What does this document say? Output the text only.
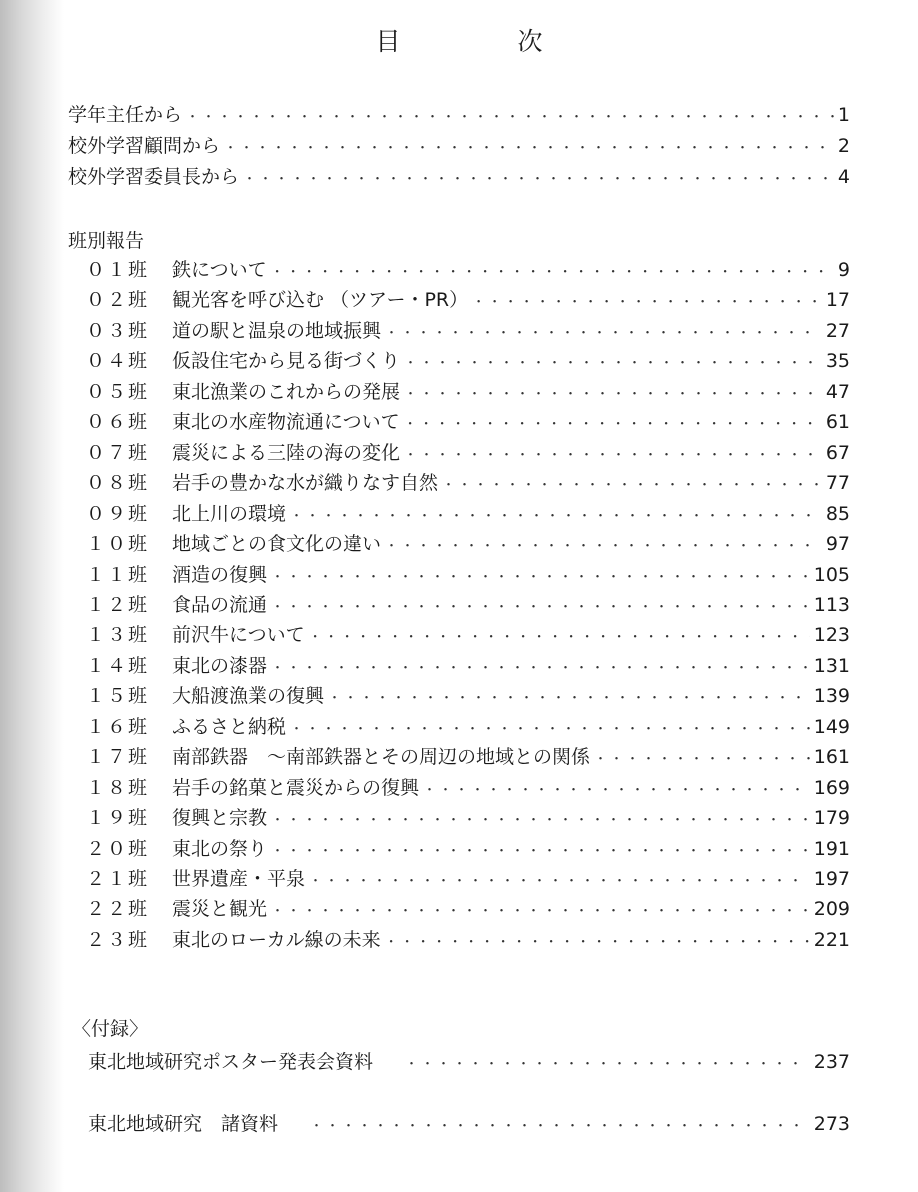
目　次
学年主任から ・・・・・・・・・・・・・・・・・・・・・・・・・・・・・・・・・・・・・・・・・・・・・・・・・・・・・・・・・・・・・・・・・・・・・・・・・・・・・・	1
校外学習顧問から ・・・・・・・・・・・・・・・・・・・・・・・・・・・・・・・・・・・・・・・・・・・・・・・・・・・・・・・・・・・・・・・・・・・・・・・・・・・・・・	2
校外学習委員長から ・・・・・・・・・・・・・・・・・・・・・・・・・・・・・・・・・・・・・・・・・・・・・・・・・・・・・・・・・・・・・・・・・・・・・・・・・・・・・・	4
班別報告
０１班	鉄について ・・・・・・・・・・・・・・・・・・・・・・・・・・・・・・・・・・・・・・・・・・・・・・・・・・・・・・・・・・・・・・・・・・・・・・・・・・・・・・	9
０２班	観光客を呼び込む （ツアー・PR） ・・・・・・・・・・・・・・・・・・・・・・・・・・・・・・・・・・・・・・・・・・・・・・・・・・・・・・・・・・・・・・・・・・・・・・・・・・・・・・	17
０３班	道の駅と温泉の地域振興 ・・・・・・・・・・・・・・・・・・・・・・・・・・・・・・・・・・・・・・・・・・・・・・・・・・・・・・・・・・・・・・・・・・・・・・・・・・・・・・	27
０４班	仮設住宅から見る街づくり ・・・・・・・・・・・・・・・・・・・・・・・・・・・・・・・・・・・・・・・・・・・・・・・・・・・・・・・・・・・・・・・・・・・・・・・・・・・・・・	35
０５班	東北漁業のこれからの発展 ・・・・・・・・・・・・・・・・・・・・・・・・・・・・・・・・・・・・・・・・・・・・・・・・・・・・・・・・・・・・・・・・・・・・・・・・・・・・・・	47
０６班	東北の水産物流通について ・・・・・・・・・・・・・・・・・・・・・・・・・・・・・・・・・・・・・・・・・・・・・・・・・・・・・・・・・・・・・・・・・・・・・・・・・・・・・・	61
０７班	震災による三陸の海の変化 ・・・・・・・・・・・・・・・・・・・・・・・・・・・・・・・・・・・・・・・・・・・・・・・・・・・・・・・・・・・・・・・・・・・・・・・・・・・・・・	67
０８班	岩手の豊かな水が織りなす自然 ・・・・・・・・・・・・・・・・・・・・・・・・・・・・・・・・・・・・・・・・・・・・・・・・・・・・・・・・・・・・・・・・・・・・・・・・・・・・・・	77
０９班	北上川の環境 ・・・・・・・・・・・・・・・・・・・・・・・・・・・・・・・・・・・・・・・・・・・・・・・・・・・・・・・・・・・・・・・・・・・・・・・・・・・・・・	85
１０班	地域ごとの食文化の違い ・・・・・・・・・・・・・・・・・・・・・・・・・・・・・・・・・・・・・・・・・・・・・・・・・・・・・・・・・・・・・・・・・・・・・・・・・・・・・・	97
１１班	酒造の復興 ・・・・・・・・・・・・・・・・・・・・・・・・・・・・・・・・・・・・・・・・・・・・・・・・・・・・・・・・・・・・・・・・・・・・・・・・・・・・・・	105
１２班	食品の流通 ・・・・・・・・・・・・・・・・・・・・・・・・・・・・・・・・・・・・・・・・・・・・・・・・・・・・・・・・・・・・・・・・・・・・・・・・・・・・・・	113
１３班	前沢牛について ・・・・・・・・・・・・・・・・・・・・・・・・・・・・・・・・・・・・・・・・・・・・・・・・・・・・・・・・・・・・・・・・・・・・・・・・・・・・・・	123
１４班	東北の漆器 ・・・・・・・・・・・・・・・・・・・・・・・・・・・・・・・・・・・・・・・・・・・・・・・・・・・・・・・・・・・・・・・・・・・・・・・・・・・・・・	131
１５班	大船渡漁業の復興 ・・・・・・・・・・・・・・・・・・・・・・・・・・・・・・・・・・・・・・・・・・・・・・・・・・・・・・・・・・・・・・・・・・・・・・・・・・・・・・	139
１６班	ふるさと納税 ・・・・・・・・・・・・・・・・・・・・・・・・・・・・・・・・・・・・・・・・・・・・・・・・・・・・・・・・・・・・・・・・・・・・・・・・・・・・・・	149
１７班	南部鉄器　～南部鉄器とその周辺の地域との関係 ・・・・・・・・・・・・・・・・・・・・・・・・・・・・・・・・・・・・・・・・・・・・・・・・・・・・・・・・・・・・・・・・・・・・・・・・・・・・・・	161
１８班	岩手の銘菓と震災からの復興 ・・・・・・・・・・・・・・・・・・・・・・・・・・・・・・・・・・・・・・・・・・・・・・・・・・・・・・・・・・・・・・・・・・・・・・・・・・・・・・	169
１９班	復興と宗教 ・・・・・・・・・・・・・・・・・・・・・・・・・・・・・・・・・・・・・・・・・・・・・・・・・・・・・・・・・・・・・・・・・・・・・・・・・・・・・・	179
２０班	東北の祭り ・・・・・・・・・・・・・・・・・・・・・・・・・・・・・・・・・・・・・・・・・・・・・・・・・・・・・・・・・・・・・・・・・・・・・・・・・・・・・・	191
２１班	世界遺産・平泉 ・・・・・・・・・・・・・・・・・・・・・・・・・・・・・・・・・・・・・・・・・・・・・・・・・・・・・・・・・・・・・・・・・・・・・・・・・・・・・・	197
２２班	震災と観光 ・・・・・・・・・・・・・・・・・・・・・・・・・・・・・・・・・・・・・・・・・・・・・・・・・・・・・・・・・・・・・・・・・・・・・・・・・・・・・・	209
２３班	東北のローカル線の未来 ・・・・・・・・・・・・・・・・・・・・・・・・・・・・・・・・・・・・・・・・・・・・・・・・・・・・・・・・・・・・・・・・・・・・・・・・・・・・・・	221
〈付録〉
東北地域研究ポスター発表会資料 ・・・・・・・・・・・・・・・・・・・・・・・・・・・・・・・・・・・・・・・・・・・・・・・・・・・・・・・・・・・・・・・・・・・・・・・・・・・・・・	237
東北地域研究　諸資料 ・・・・・・・・・・・・・・・・・・・・・・・・・・・・・・・・・・・・・・・・・・・・・・・・・・・・・・・・・・・・・・・・・・・・・・・・・・・・・・	273
